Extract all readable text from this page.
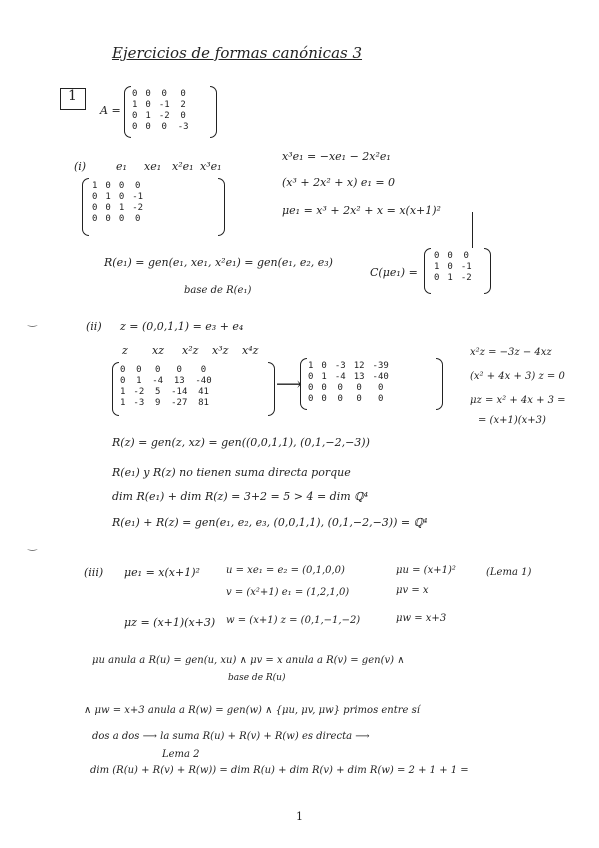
Ejercicios de formas canónicas 3
1
A =
0	0	0	0
1	0	-1	2
0	1	-2	0
0	0	0	-3
(i)	e₁ xe₁ x²e₁ x³e₁
1	0	0	0
0	1	0	-1
0	0	1	-2
0	0	0	0
x³e₁ = −xe₁ − 2x²e₁
(x³ + 2x² + x) e₁ = 0
μe₁ = x³ + 2x² + x = x(x+1)²
R(e₁) = gen(e₁, xe₁, x²e₁) = gen(e₁, e₂, e₃)
base de R(e₁)
C(μe₁) =
0	0	0
1	0	-1
0	1	-2
‿	(ii) z = (0,0,1,1) = e₃ + e₄
z xz x²z x³z x⁴z
0	0	0	0	0
0	1	-4	13	-40
1	-2	5	-14	41
1	-3	9	-27	81
⟶
1	0	-3	12	-39
0	1	-4	13	-40
0	0	0	0	0
0	0	0	0	0
x²z = −3z − 4xz
(x² + 4x + 3) z = 0
μz = x² + 4x + 3 =
= (x+1)(x+3)
R(z) = gen(z, xz) = gen((0,0,1,1), (0,1,−2,−3))
R(e₁) y R(z) no tienen suma directa porque
dim R(e₁) + dim R(z) = 3+2 = 5 > 4 = dim ℚ⁴
R(e₁) + R(z) = gen(e₁, e₂, e₃, (0,0,1,1), (0,1,−2,−3)) = ℚ⁴
‿
(iii) μe₁ = x(x+1)²	u = xe₁ = e₂ = (0,1,0,0)	μu = (x+1)²	(Lema 1)
v = (x²+1) e₁ = (1,2,1,0)	μv = x
μz = (x+1)(x+3) w = (x+1) z = (0,1,−1,−2)	μw = x+3
μu anula a R(u) = gen(u, xu) ∧ μv = x anula a R(v) = gen(v) ∧
base de R(u)
∧ μw = x+3 anula a R(w) = gen(w) ∧ {μu, μv, μw} primos entre sí
dos a dos ⟶ la suma R(u) + R(v) + R(w) es directa ⟶
Lema 2
dim (R(u) + R(v) + R(w)) = dim R(u) + dim R(v) + dim R(w) = 2 + 1 + 1 =
1
